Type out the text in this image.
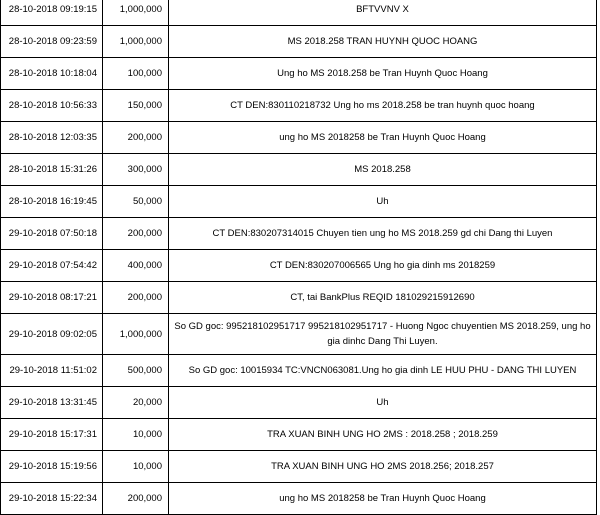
28-10-2018 09:19:15	1,000,000	BFTVVNV X
28-10-2018 09:23:59	1,000,000	MS 2018.258 TRAN HUYNH QUOC HOANG
28-10-2018 10:18:04	100,000	Ung ho MS 2018.258 be Tran Huynh Quoc Hoang
28-10-2018 10:56:33	150,000	CT DEN:830110218732 Ung ho ms 2018.258 be tran huynh quoc hoang
28-10-2018 12:03:35	200,000	ung ho MS 2018258 be Tran Huynh Quoc Hoang
28-10-2018 15:31:26	300,000	MS 2018.258
28-10-2018 16:19:45	50,000	Uh
29-10-2018 07:50:18	200,000	CT DEN:830207314015 Chuyen tien ung ho MS 2018.259 gd chi Dang thi Luyen
29-10-2018 07:54:42	400,000	CT DEN:830207006565 Ung ho gia dinh ms 2018259
29-10-2018 08:17:21	200,000	CT, tai BankPlus REQID 181029215912690
29-10-2018 09:02:05	1,000,000	So GD goc: 995218102951717 995218102951717 - Huong Ngoc chuyentien MS 2018.259, ung ho gia dinhc Dang Thi Luyen.
29-10-2018 11:51:02	500,000	So GD goc: 10015934 TC:VNCN063081.Ung ho gia dinh LE HUU PHU - DANG THI LUYEN
29-10-2018 13:31:45	20,000	Uh
29-10-2018 15:17:31	10,000	TRA XUAN BINH UNG HO 2MS : 2018.258 ; 2018.259
29-10-2018 15:19:56	10,000	TRA XUAN BINH UNG HO 2MS 2018.256; 2018.257
29-10-2018 15:22:34	200,000	ung ho MS 2018258 be Tran Huynh Quoc Hoang
